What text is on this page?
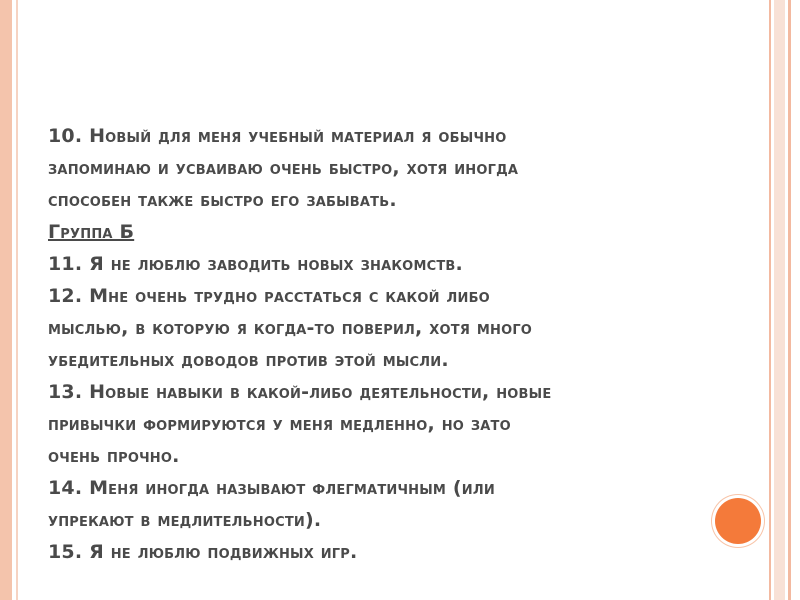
10. Новый для меня учебный материал я обычно
запоминаю и усваиваю очень быстро, хотя иногда
способен также быстро его забывать.
Группа Б
11. Я не люблю заводить новых знакомств.
12. Мне очень трудно расстаться с какой либо
мыслью, в которую я когда-то поверил, хотя много
убедительных доводов против этой мысли.
13. Новые навыки в какой-либо деятельности, новые
привычки формируются у меня медленно, но зато
очень прочно.
14. Меня иногда называют флегматичным (или
упрекают в медлительности).
15. Я не люблю подвижных игр.
